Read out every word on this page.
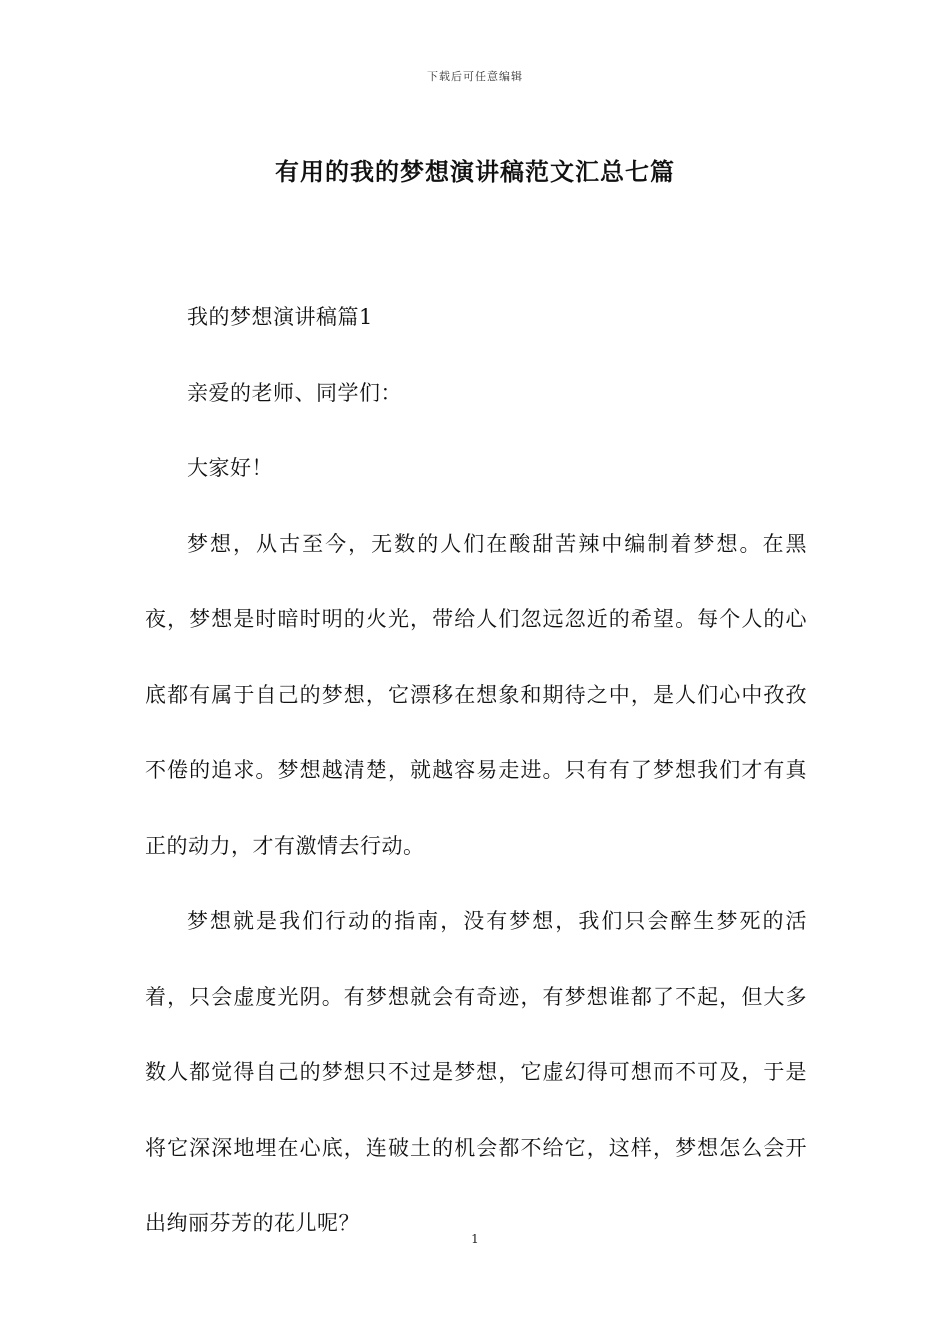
下载后可任意编辑
有用的我的梦想演讲稿范文汇总七篇

我的梦想演讲稿篇1

亲爱的老师、同学们：

大家好！

梦想，从古至今，无数的人们在酸甜苦辣中编制着梦想。在黑夜，梦想是时暗时明的火光，带给人们忽远忽近的希望。每个人的心底都有属于自己的梦想，它漂移在想象和期待之中，是人们心中孜孜不倦的追求。梦想越清楚，就越容易走进。只有有了梦想我们才有真正的动力，才有激情去行动。

梦想就是我们行动的指南，没有梦想，我们只会醉生梦死的活着，只会虚度光阴。有梦想就会有奇迹，有梦想谁都了不起，但大多数人都觉得自己的梦想只不过是梦想，它虚幻得可想而不可及，于是将它深深地埋在心底，连破土的机会都不给它，这样，梦想怎么会开出绚丽芬芳的花儿呢？

1
